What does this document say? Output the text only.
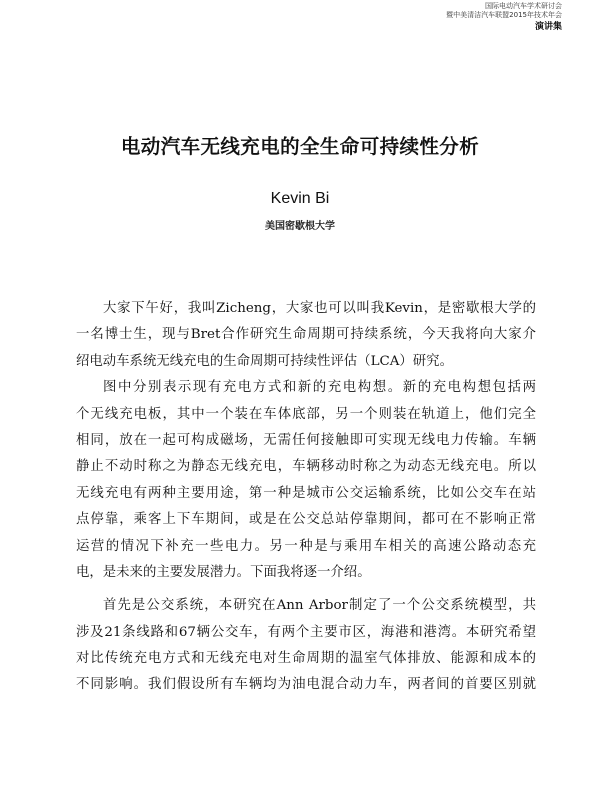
国际电动汽车学术研讨会
暨中美清洁汽车联盟2015年技术年会
演讲集
电动汽车无线充电的全生命可持续性分析
Kevin Bi
美国密歇根大学
大家下午好，我叫Zicheng，大家也可以叫我Kevin，是密歇根大学的
一名博士生，现与Bret合作研究生命周期可持续系统，今天我将向大家介
绍电动车系统无线充电的生命周期可持续性评估（LCA）研究。
图中分别表示现有充电方式和新的充电构想。新的充电构想包括两
个无线充电板，其中一个装在车体底部，另一个则装在轨道上，他们完全
相同，放在一起可构成磁场，无需任何接触即可实现无线电力传输。车辆
静止不动时称之为静态无线充电，车辆移动时称之为动态无线充电。所以
无线充电有两种主要用途，第一种是城市公交运输系统，比如公交车在站
点停靠，乘客上下车期间，或是在公交总站停靠期间，都可在不影响正常
运营的情况下补充一些电力。另一种是与乘用车相关的高速公路动态充
电，是未来的主要发展潜力。下面我将逐一介绍。
首先是公交系统，本研究在Ann Arbor制定了一个公交系统模型，共
涉及21条线路和67辆公交车，有两个主要市区，海港和港湾。本研究希望
对比传统充电方式和无线充电对生命周期的温室气体排放、能源和成本的
不同影响。我们假设所有车辆均为油电混合动力车，两者间的首要区别就
